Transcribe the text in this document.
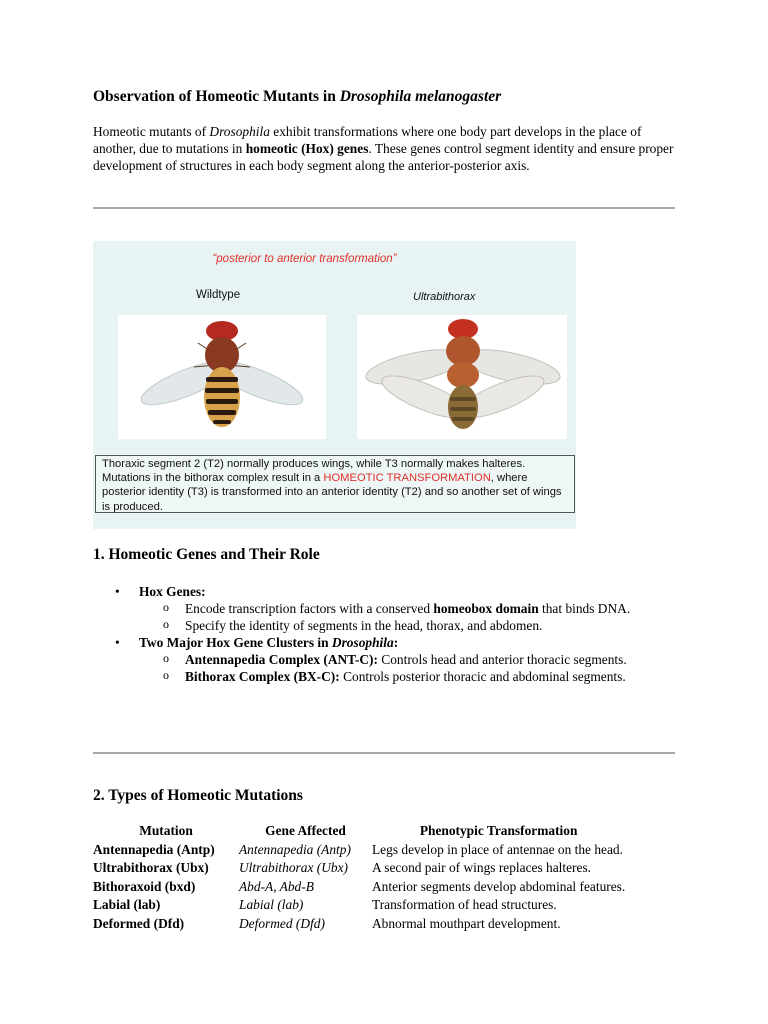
Observation of Homeotic Mutants in Drosophila melanogaster

Homeotic mutants of Drosophila exhibit transformations where one body part develops in the place of another, due to mutations in homeotic (Hox) genes. These genes control segment identity and ensure proper development of structures in each body segment along the anterior-posterior axis.

“posterior to anterior transformation”
Wildtype	Ultrabithorax
Thoraxic segment 2 (T2) normally produces wings, while T3 normally makes halteres. Mutations in the bithorax complex result in a HOMEOTIC TRANSFORMATION, where posterior identity (T3) is transformed into an anterior identity (T2) and so another set of wings is produced.
1. Homeotic Genes and Their Role
• Hox Genes:
o Encode transcription factors with a conserved homeobox domain that binds DNA.
o Specify the identity of segments in the head, thorax, and abdomen.
• Two Major Hox Gene Clusters in Drosophila:
o Antennapedia Complex (ANT-C): Controls head and anterior thoracic segments.
o Bithorax Complex (BX-C): Controls posterior thoracic and abdominal segments.
2. Types of Homeotic Mutations
Mutation	Gene Affected	Phenotypic Transformation
Antennapedia (Antp)	Antennapedia (Antp)	Legs develop in place of antennae on the head.
Ultrabithorax (Ubx)	Ultrabithorax (Ubx)	A second pair of wings replaces halteres.
Bithoraxoid (bxd)	Abd-A, Abd-B	Anterior segments develop abdominal features.
Labial (lab)	Labial (lab)	Transformation of head structures.
Deformed (Dfd)	Deformed (Dfd)	Abnormal mouthpart development.
